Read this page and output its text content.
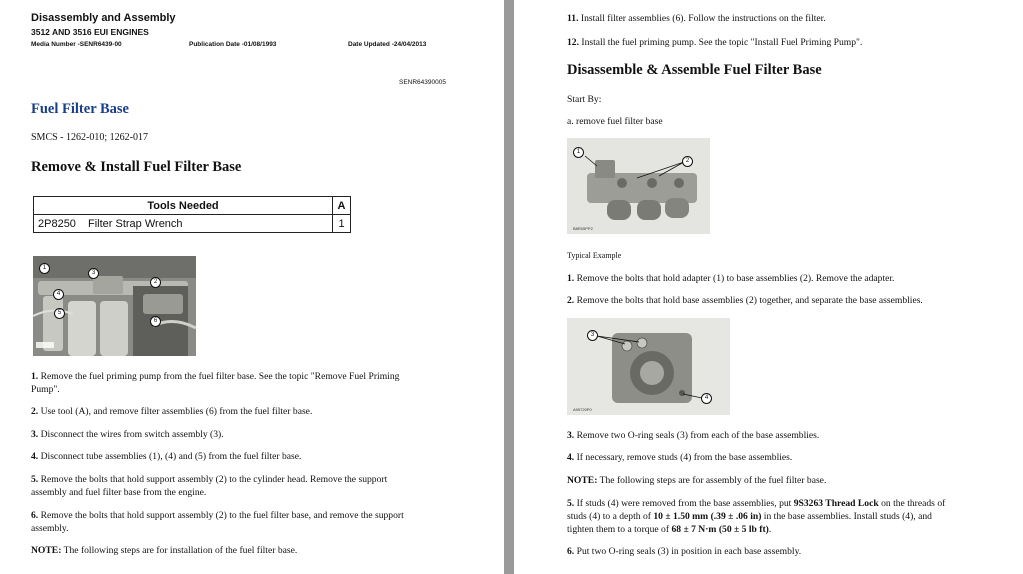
Disassembly and Assembly
3512 AND 3516 EUI ENGINES
Media Number -SENR6439-00	Publication Date -01/08/1993	Date Updated -24/04/2013
SENR64390005
Fuel Filter Base
SMCS - 1262-010; 1262-017
Remove & Install Fuel Filter Base
Tools Needed		A
2P8250	Filter Strap Wrench	1
1
2
3
4
5
6
1. Remove the fuel priming pump from the fuel filter base. See the topic "Remove Fuel Priming
Pump".
2. Use tool (A), and remove filter assemblies (6) from the fuel filter base.
3. Disconnect the wires from switch assembly (3).
4. Disconnect tube assemblies (1), (4) and (5) from the fuel filter base.
5. Remove the bolts that hold support assembly (2) to the cylinder head. Remove the support
assembly and fuel filter base from the engine.
6. Remove the bolts that hold support assembly (2) to the fuel filter base, and remove the support
assembly.
NOTE: The following steps are for installation of the fuel filter base.
11. Install filter assemblies (6). Follow the instructions on the filter.
12. Install the fuel priming pump. See the topic "Install Fuel Priming Pump".
Disassemble & Assemble Fuel Filter Base
Start By:
a. remove fuel filter base
1
2
B8R05PP2
Typical Example
1. Remove the bolts that hold adapter (1) to base assemblies (2). Remove the adapter.
2. Remove the bolts that hold base assemblies (2) together, and separate the base assemblies.
3
4
A95720P0
3. Remove two O-ring seals (3) from each of the base assemblies.
4. If necessary, remove studs (4) from the base assemblies.
NOTE: The following steps are for assembly of the fuel filter base.
5. If studs (4) were removed from the base assemblies, put 9S3263 Thread Lock on the threads of
studs (4) to a depth of 10 ± 1.50 mm (.39 ± .06 in) in the base assemblies. Install studs (4), and
tighten them to a torque of 68 ± 7 N·m (50 ± 5 lb ft).
6. Put two O-ring seals (3) in position in each base assembly.
